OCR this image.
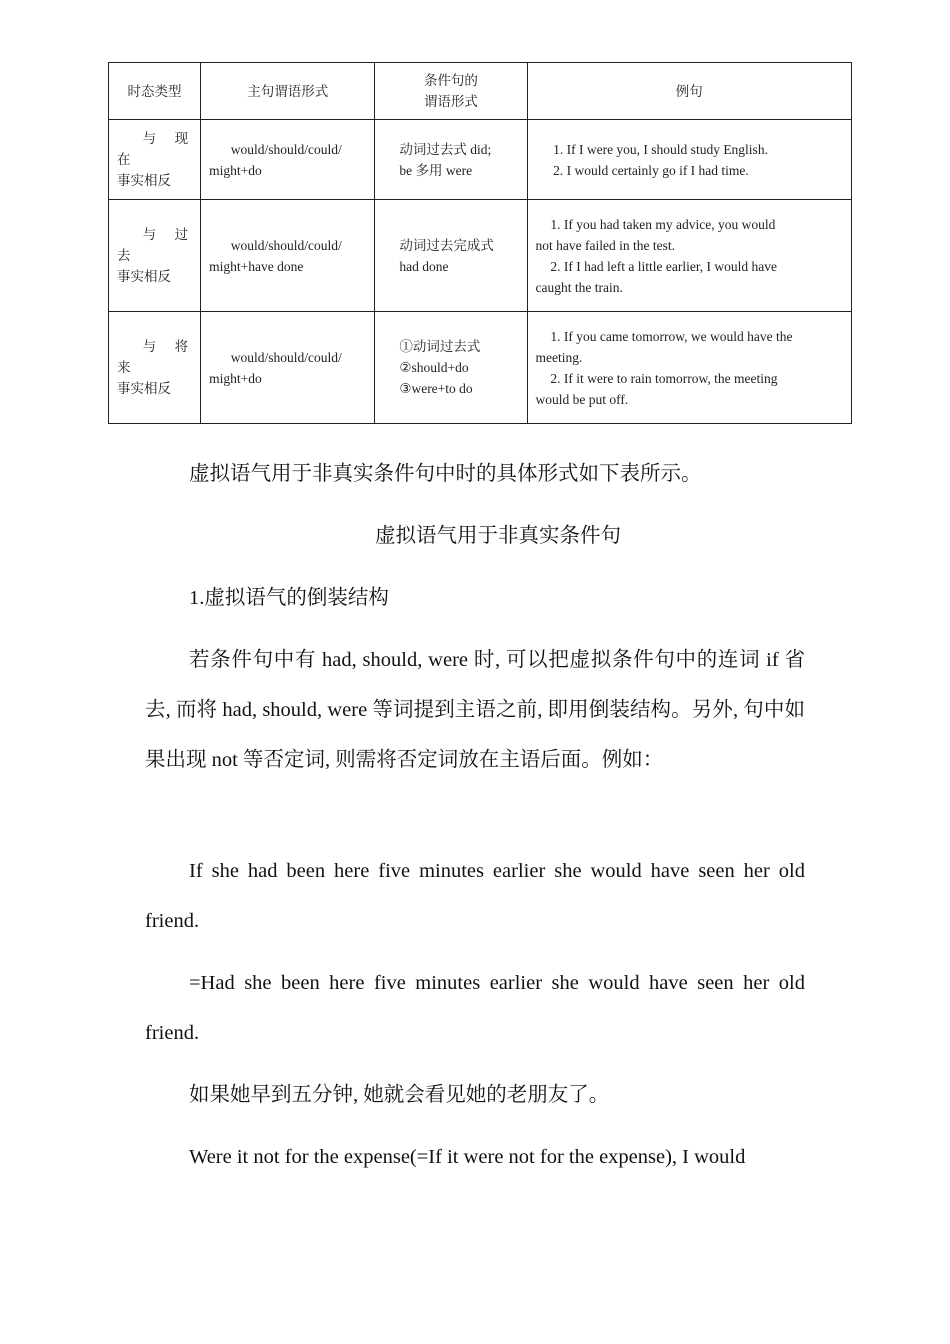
时态类型	主句谓语形式	条件句的
谓语形式	例句

与现在
事实相反	would/should/could/
might+do	动词过去式 did;
be 多用 were	1. If I were you, I should study English.
2. I would certainly go if I had time.

与过去
事实相反	would/should/could/
might+have done	动词过去完成式
had done	1. If you had taken my advice, you would
not have failed in the test.
2. If I had left a little earlier, I would have
caught the train.

与将来
事实相反	would/should/could/
might+do	①动词过去式
②should+do
③were+to do	1. If you came tomorrow, we would have the
meeting.
2. If it were to rain tomorrow, the meeting
would be put off.

虚拟语气用于非真实条件句中时的具体形式如下表所示。

虚拟语气用于非真实条件句

1.虚拟语气的倒装结构

若条件句中有 had, should, were 时, 可以把虚拟条件句中的连词 if 省去, 而将 had, should, were 等词提到主语之前, 即用倒装结构。另外, 句中如果出现 not 等否定词, 则需将否定词放在主语后面。例如：

If she had been here five minutes earlier she would have seen her old friend.

=Had she been here five minutes earlier she would have seen her old friend.

如果她早到五分钟, 她就会看见她的老朋友了。

Were it not for the expense(=If it were not for the expense), I would
